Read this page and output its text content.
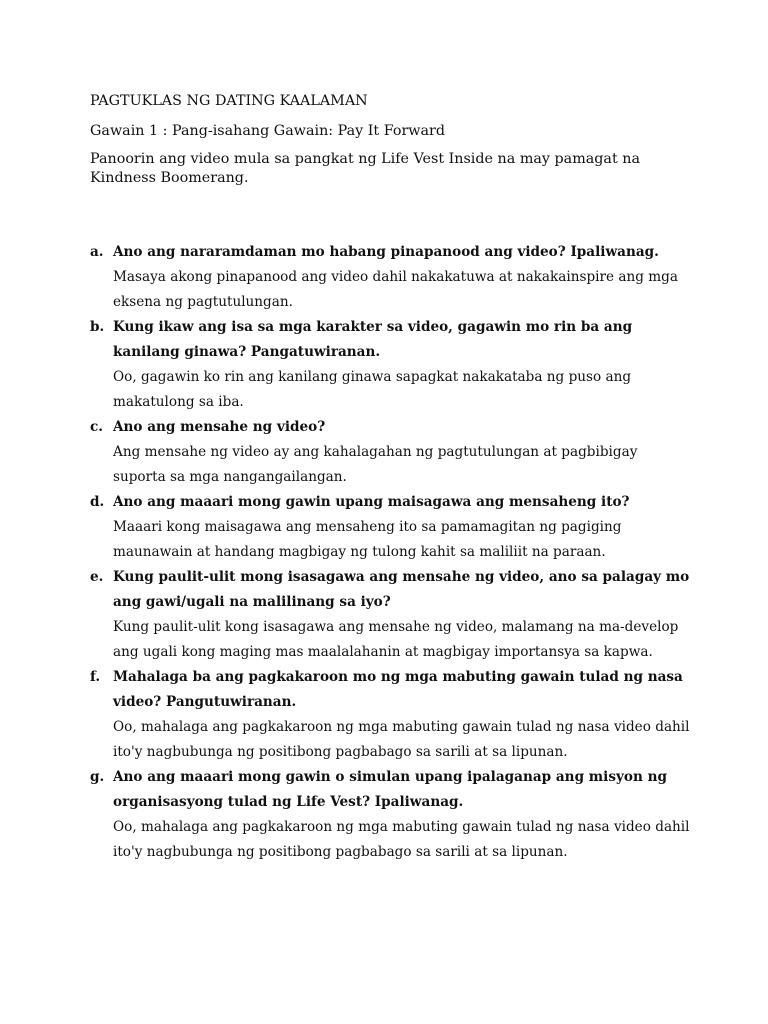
PAGTUKLAS NG DATING KAALAMAN
Gawain 1 : Pang-isahang Gawain: Pay It Forward
Panoorin ang video mula sa pangkat ng Life Vest Inside na may pamagat na Kindness Boomerang.
a. Ano ang nararamdaman mo habang pinapanood ang video? Ipaliwanag.

Masaya akong pinapanood ang video dahil nakakatuwa at nakakainspire ang mga eksena ng pagtutulungan.

b. Kung ikaw ang isa sa mga karakter sa video, gagawin mo rin ba ang kanilang ginawa? Pangatuwiranan.

Oo, gagawin ko rin ang kanilang ginawa sapagkat nakakataba ng puso ang makatulong sa iba.

c. Ano ang mensahe ng video?

Ang mensahe ng video ay ang kahalagahan ng pagtutulungan at pagbibigay suporta sa mga nangangailangan.

d. Ano ang maaari mong gawin upang maisagawa ang mensaheng ito?

Maaari kong maisagawa ang mensaheng ito sa pamamagitan ng pagiging maunawain at handang magbigay ng tulong kahit sa maliliit na paraan.

e. Kung paulit-ulit mong isasagawa ang mensahe ng video, ano sa palagay mo ang gawi/ugali na malilinang sa iyo?

Kung paulit-ulit kong isasagawa ang mensahe ng video, malamang na ma-develop ang ugali kong maging mas maalalahanin at magbigay importansya sa kapwa.

f. Mahalaga ba ang pagkakaroon mo ng mga mabuting gawain tulad ng nasa video? Pangutuwiranan.

Oo, mahalaga ang pagkakaroon ng mga mabuting gawain tulad ng nasa video dahil ito'y nagbubunga ng positibong pagbabago sa sarili at sa lipunan.

g. Ano ang maaari mong gawin o simulan upang ipalaganap ang misyon ng organisasyong tulad ng Life Vest? Ipaliwanag.

Oo, mahalaga ang pagkakaroon ng mga mabuting gawain tulad ng nasa video dahil ito'y nagbubunga ng positibong pagbabago sa sarili at sa lipunan.
